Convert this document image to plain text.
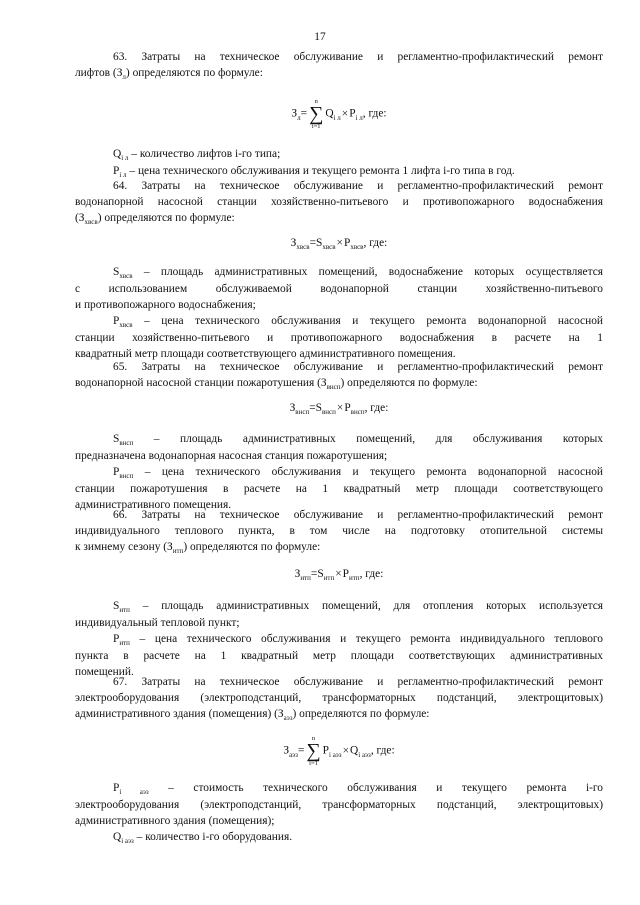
17
63. Затраты на техническое обслуживание и регламентно-профилактический ремонт
лифтов $(З_л)$ определяются по формуле:
$З_л=$
n
∑
i=1
$Q_{i л}\times P_{i л}$, где:
$Q_{i л}$ – количество лифтов i-го типа;
$P_{i л}$ – цена технического обслуживания и текущего ремонта 1 лифта i-го типа в год.
64. Затраты на техническое обслуживание и регламентно-профилактический ремонт
водонапорной насосной станции хозяйственно-питьевого и противопожарного водоснабжения
$(З_{хвсв})$ определяются по формуле:
$З_{хвсв}=S_{хвсв}\times P_{хвсв}$, где:
$S_{хвсв}$ – площадь административных помещений, водоснабжение которых осуществляется
с использованием обслуживаемой водонапорной станции хозяйственно-питьевого
и противопожарного водоснабжения;
$P_{хвсв}$ – цена технического обслуживания и текущего ремонта водонапорной насосной
станции хозяйственно-питьевого и противопожарного водоснабжения в расчете на 1
квадратный метр площади соответствующего административного помещения.
65. Затраты на техническое обслуживание и регламентно-профилактический ремонт
водонапорной насосной станции пожаротушения $(З_{внсп})$ определяются по формуле:
$З_{внсп}=S_{внсп}\times P_{внсп}$, где:
$S_{внсп}$ – площадь административных помещений, для обслуживания которых
предназначена водонапорная насосная станция пожаротушения;
$P_{внсп}$ – цена технического обслуживания и текущего ремонта водонапорной насосной
станции пожаротушения в расчете на 1 квадратный метр площади соответствующего
административного помещения.
66. Затраты на техническое обслуживание и регламентно-профилактический ремонт
индивидуального теплового пункта, в том числе на подготовку отопительной системы
к зимнему сезону $(З_{итп})$ определяются по формуле:
$З_{итп}=S_{итп}\times P_{итп}$, где:
$S_{итп}$ – площадь административных помещений, для отопления которых используется
индивидуальный тепловой пункт;
$P_{итп}$ – цена технического обслуживания и текущего ремонта индивидуального теплового
пункта в расчете на 1 квадратный метр площади соответствующих административных
помещений.
67. Затраты на техническое обслуживание и регламентно-профилактический ремонт
электрооборудования (электроподстанций, трансформаторных подстанций, электрощитовых)
административного здания (помещения) $(З_{аэз})$ определяются по формуле:
$З_{аэз}=$
n
∑
i=1
$P_{i аэз}\times Q_{i аэз}$, где:
$P_{i аэз}$ – стоимость технического обслуживания и текущего ремонта i-го
электрооборудования (электроподстанций, трансформаторных подстанций, электрощитовых)
административного здания (помещения);
$Q_{i аэз}$ – количество i-го оборудования.
